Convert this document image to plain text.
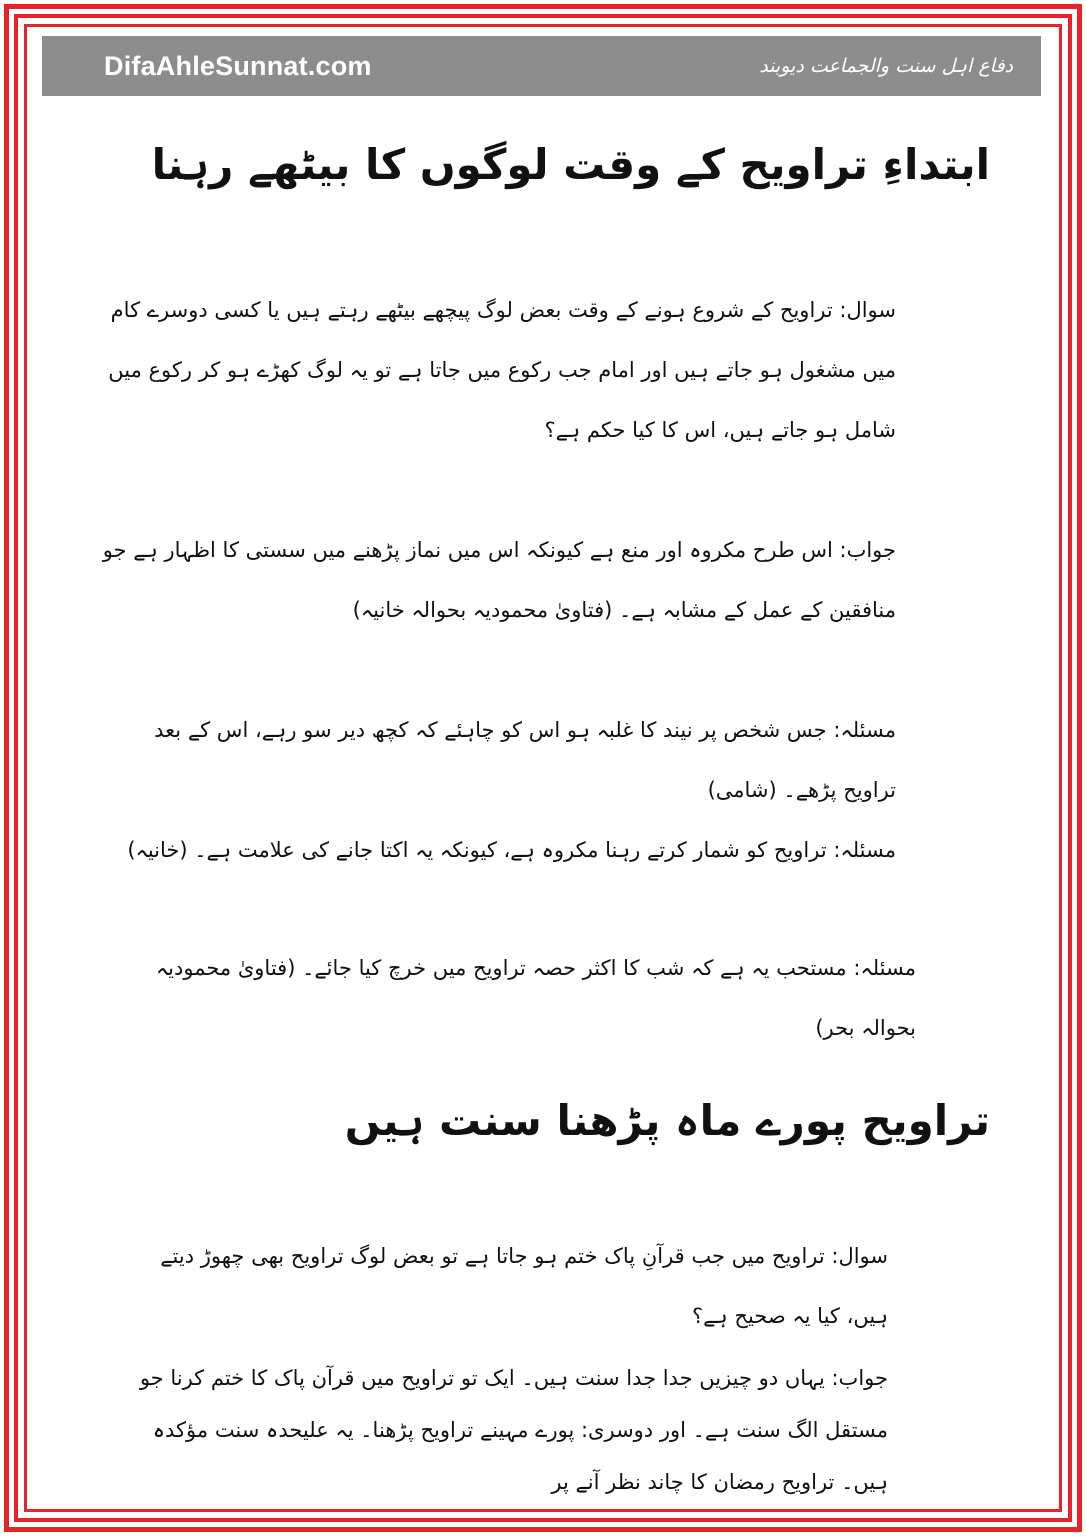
DifaAhleSunnat.com	دفاع اہل سنت والجماعت دیوبند
ابتداءِ تراویح کے وقت لوگوں کا بیٹھے رہنا
سوال: تراویح کے شروع ہونے کے وقت بعض لوگ پیچھے بیٹھے رہتے ہیں یا کسی دوسرے کام میں مشغول ہو جاتے ہیں اور امام جب رکوع میں جاتا ہے تو یہ لوگ کھڑے ہو کر رکوع میں شامل ہو جاتے ہیں، اس کا کیا حکم ہے؟
جواب: اس طرح مکروہ اور منع ہے کیونکہ اس میں نماز پڑھنے میں سستی کا اظہار ہے جو منافقین کے عمل کے مشابہ ہے۔ (فتاویٰ محمودیہ بحوالہ خانیہ)
مسئلہ: جس شخص پر نیند کا غلبہ ہو اس کو چاہئے کہ کچھ دیر سو رہے، اس کے بعد تراویح پڑھے۔ (شامی)
مسئلہ: تراویح کو شمار کرتے رہنا مکروہ ہے، کیونکہ یہ اکتا جانے کی علامت ہے۔ (خانیہ)
مسئلہ: مستحب یہ ہے کہ شب کا اکثر حصہ تراویح میں خرچ کیا جائے۔ (فتاویٰ محمودیہ بحوالہ بحر)
تراویح پورے ماہ پڑھنا سنت ہیں
سوال: تراویح میں جب قرآنِ پاک ختم ہو جاتا ہے تو بعض لوگ تراویح بھی چھوڑ دیتے ہیں، کیا یہ صحیح ہے؟
جواب: یہاں دو چیزیں جدا جدا سنت ہیں۔ ایک تو تراویح میں قرآن پاک کا ختم کرنا جو مستقل الگ سنت ہے۔ اور دوسری: پورے مہینے تراویح پڑھنا۔ یہ علیحدہ سنت مؤکدہ ہیں۔ تراویح رمضان کا چاند نظر آنے پر
